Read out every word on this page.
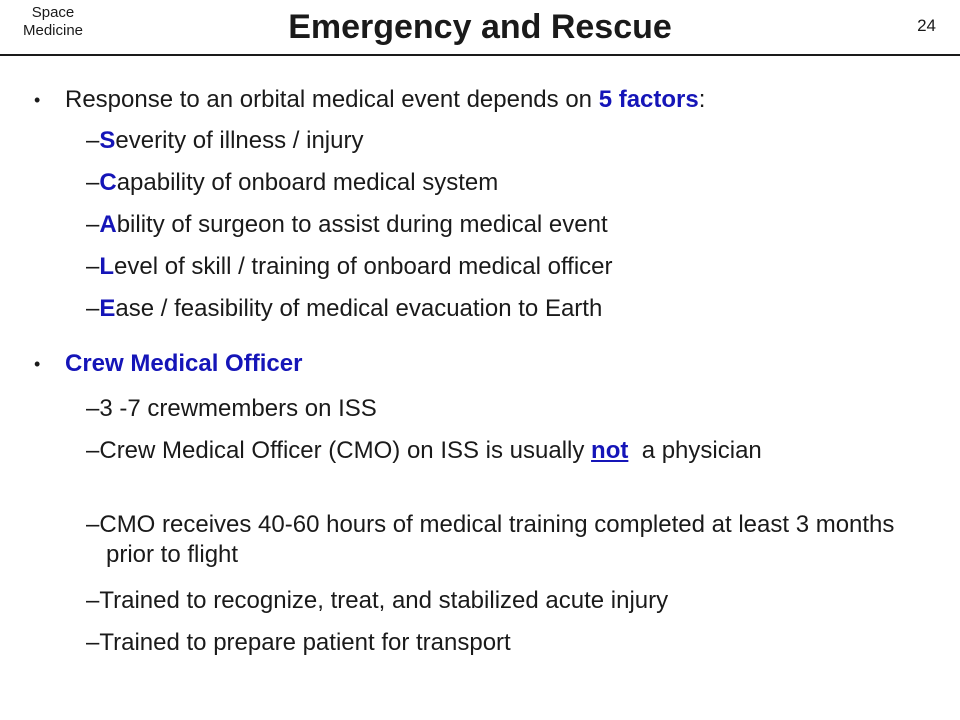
Space
Medicine	Emergency and Rescue	24
• Response to an orbital medical event depends on 5 factors:
–Severity of illness / injury
–Capability of onboard medical system
–Ability of surgeon to assist during medical event
–Level of skill / training of onboard medical officer
–Ease / feasibility of medical evacuation to Earth
• Crew Medical Officer
–3 -7 crewmembers on ISS
–Crew Medical Officer (CMO) on ISS is usually not  a physician
–CMO receives 40-60 hours of medical training completed at least 3 months prior to flight
–Trained to recognize, treat, and stabilized acute injury
–Trained to prepare patient for transport
